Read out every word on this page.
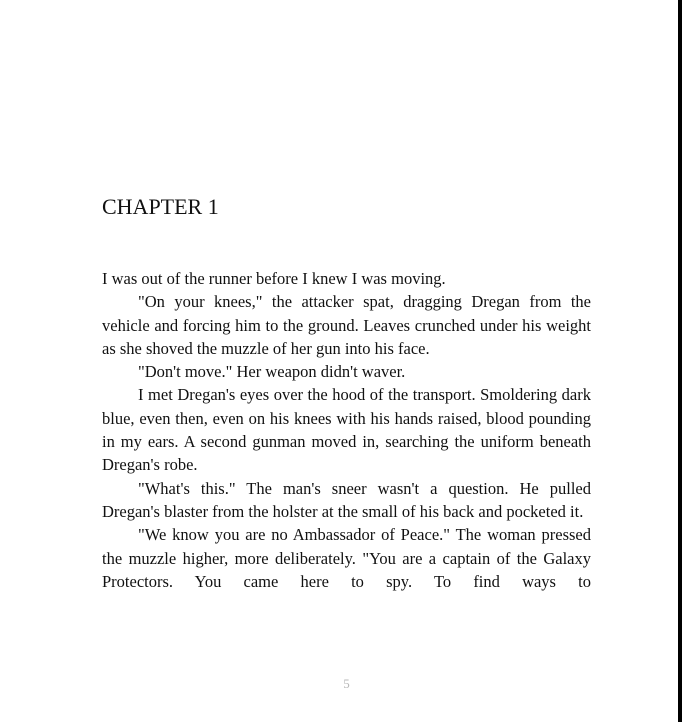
CHAPTER 1

I was out of the runner before I knew I was moving.

"On your knees," the attacker spat, dragging Dregan from the vehicle and forcing him to the ground. Leaves crunched under his weight as she shoved the muzzle of her gun into his face.

"Don't move." Her weapon didn't waver.

I met Dregan's eyes over the hood of the transport. Smoldering dark blue, even then, even on his knees with his hands raised, blood pounding in my ears. A second gunman moved in, searching the uniform beneath Dregan's robe.

"What's this." The man's sneer wasn't a question. He pulled Dregan's blaster from the holster at the small of his back and pocketed it.

"We know you are no Ambassador of Peace." The woman pressed the muzzle higher, more deliberately. "You are a captain of the Galaxy Protectors. You came here to spy. To find ways to

5
